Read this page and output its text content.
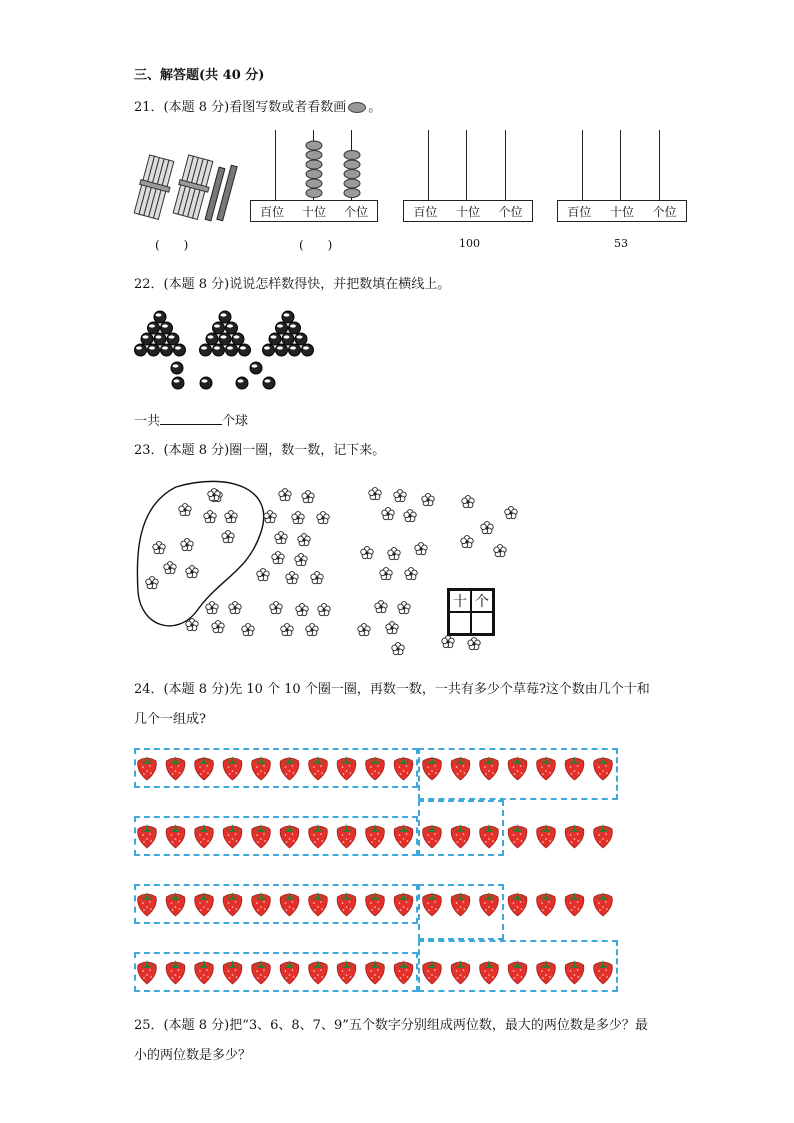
三、解答题(共 40 分)
21．(本题 8 分)看图写数或者看数画 。
(　　)
百位 十位 个位
(　　)
百位 十位 个位
100
百位 十位 个位
53
22．(本题 8 分)说说怎样数得快，并把数填在横线上。
一共	个球
23．(本题 8 分)圈一圈，数一数，记下来。
十 个
24．(本题 8 分)先 10 个 10 个圈一圈，再数一数，一共有多少个草莓?这个数由几个十和
几个一组成?
25．(本题 8 分)把“3、6、8、7、9”五个数字分别组成两位数，最大的两位数是多少？最
小的两位数是多少？
